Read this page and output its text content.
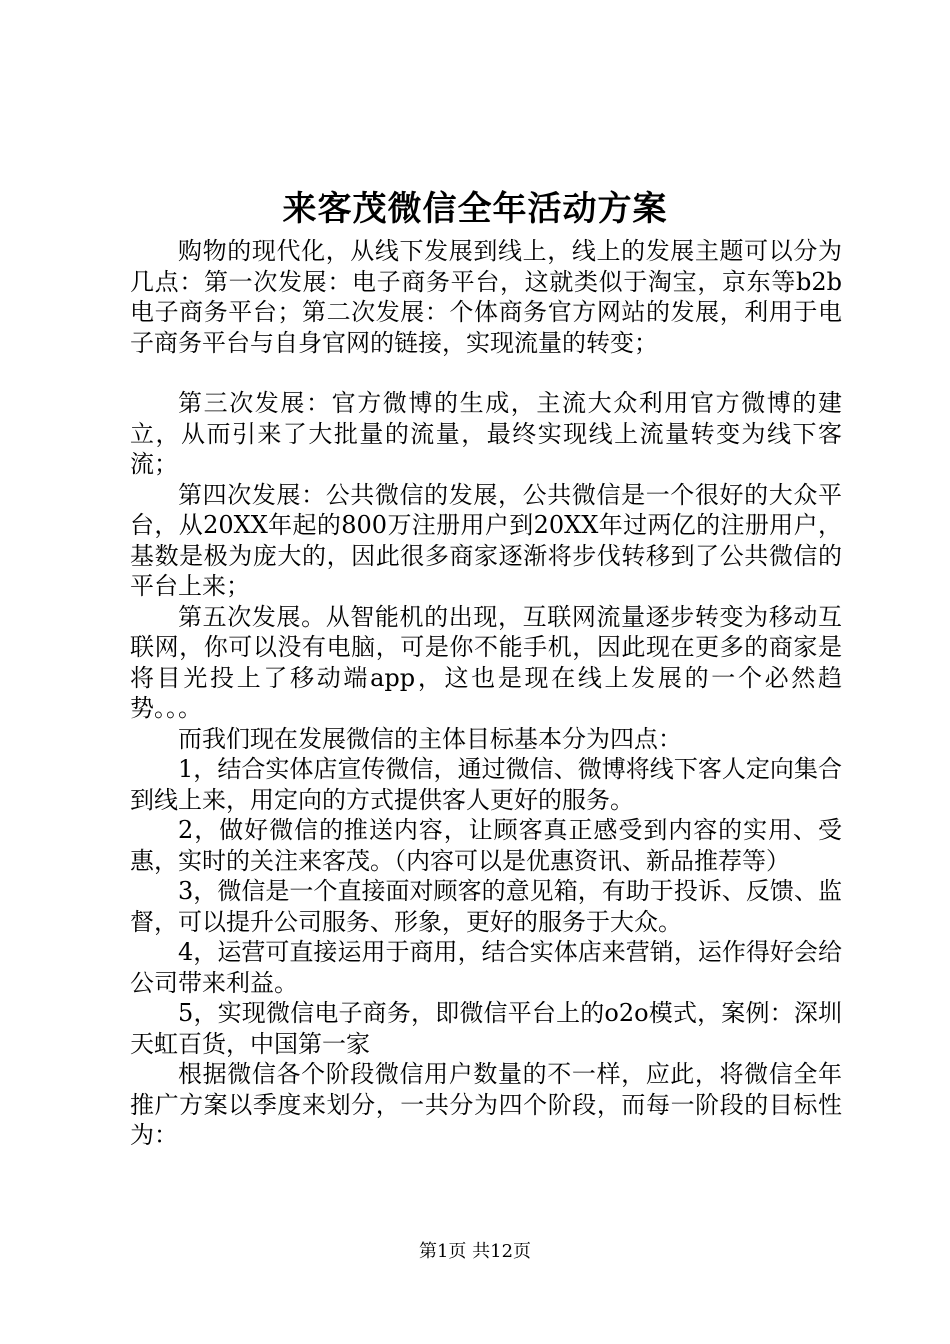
来客茂微信全年活动方案

购物的现代化，从线下发展到线上，线上的发展主题可以分为几点：第一次发展：电子商务平台，这就类似于淘宝，京东等b2b电子商务平台；第二次发展：个体商务官方网站的发展，利用于电子商务平台与自身官网的链接，实现流量的转变；

第三次发展：官方微博的生成，主流大众利用官方微博的建立，从而引来了大批量的流量，最终实现线上流量转变为线下客流；

第四次发展：公共微信的发展，公共微信是一个很好的大众平台，从20XX年起的800万注册用户到20XX年过两亿的注册用户，基数是极为庞大的，因此很多商家逐渐将步伐转移到了公共微信的平台上来；

第五次发展。从智能机的出现，互联网流量逐步转变为移动互联网，你可以没有电脑，可是你不能手机，因此现在更多的商家是将目光投上了移动端app，这也是现在线上发展的一个必然趋势。。。

而我们现在发展微信的主体目标基本分为四点：

1，结合实体店宣传微信，通过微信、微博将线下客人定向集合到线上来，用定向的方式提供客人更好的服务。

2，做好微信的推送内容，让顾客真正感受到内容的实用、受惠，实时的关注来客茂。（内容可以是优惠资讯、新品推荐等）

3，微信是一个直接面对顾客的意见箱，有助于投诉、反馈、监督，可以提升公司服务、形象，更好的服务于大众。

4，运营可直接运用于商用，结合实体店来营销，运作得好会给公司带来利益。

5，实现微信电子商务，即微信平台上的o2o模式，案例：深圳天虹百货，中国第一家

根据微信各个阶段微信用户数量的不一样，应此，将微信全年推广方案以季度来划分，一共分为四个阶段，而每一阶段的目标性为：

第1页 共12页
